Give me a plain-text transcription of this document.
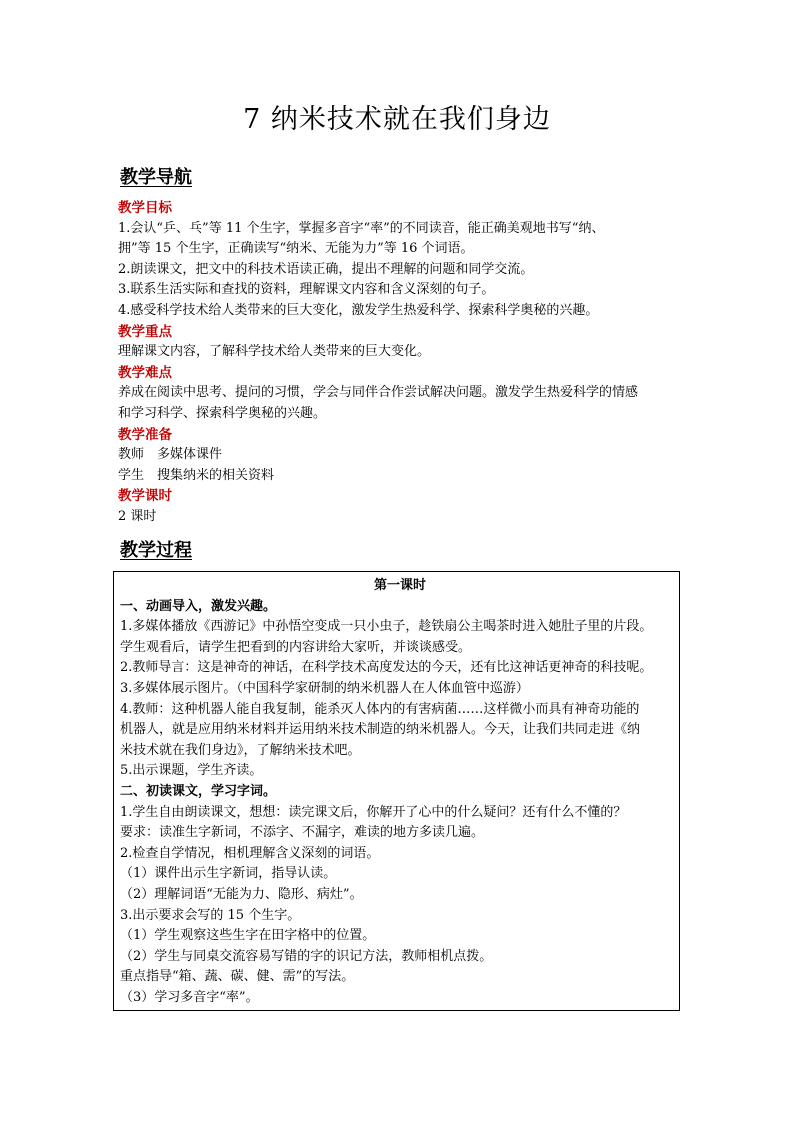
7 纳米技术就在我们身边
教学导航
教学目标
1.会认“乒、乓”等 11 个生字，掌握多音字“率”的不同读音，能正确美观地书写“纳、
拥”等 15 个生字，正确读写“纳米、无能为力”等 16 个词语。
2.朗读课文，把文中的科技术语读正确，提出不理解的问题和同学交流。
3.联系生活实际和查找的资料，理解课文内容和含义深刻的句子。
4.感受科学技术给人类带来的巨大变化，激发学生热爱科学、探索科学奥秘的兴趣。
教学重点
理解课文内容，了解科学技术给人类带来的巨大变化。
教学难点
养成在阅读中思考、提问的习惯，学会与同伴合作尝试解决问题。激发学生热爱科学的情感
和学习科学、探索科学奥秘的兴趣。
教学准备
教师　多媒体课件
学生　搜集纳米的相关资料
教学课时
2 课时
教学过程
第一课时
一、动画导入，激发兴趣。
1.多媒体播放《西游记》中孙悟空变成一只小虫子，趁铁扇公主喝茶时进入她肚子里的片段。
学生观看后，请学生把看到的内容讲给大家听，并谈谈感受。
2.教师导言：这是神奇的神话，在科学技术高度发达的今天，还有比这神话更神奇的科技呢。
3.多媒体展示图片。（中国科学家研制的纳米机器人在人体血管中巡游）
4.教师：这种机器人能自我复制，能杀灭人体内的有害病菌……这样微小而具有神奇功能的
机器人，就是应用纳米材料并运用纳米技术制造的纳米机器人。今天，让我们共同走进《纳
米技术就在我们身边》，了解纳米技术吧。
5.出示课题，学生齐读。
二、初读课文，学习字词。
1.学生自由朗读课文，想想：读完课文后，你解开了心中的什么疑问？还有什么不懂的？
要求：读准生字新词，不添字、不漏字，难读的地方多读几遍。
2.检查自学情况，相机理解含义深刻的词语。
（1）课件出示生字新词，指导认读。
（2）理解词语“无能为力、隐形、病灶”。
3.出示要求会写的 15 个生字。
（1）学生观察这些生字在田字格中的位置。
（2）学生与同桌交流容易写错的字的识记方法，教师相机点拨。
重点指导“箱、蔬、碳、健、需”的写法。
（3）学习多音字“率”。
